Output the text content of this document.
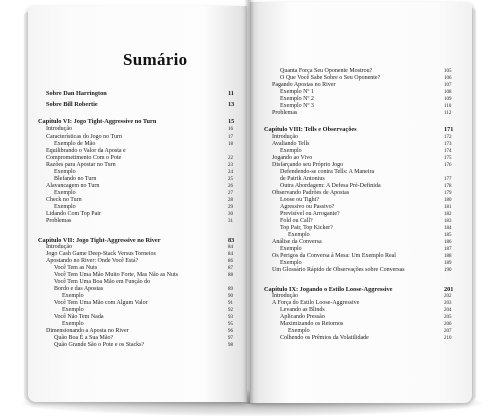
Sumário
Sobre Dan Harrington	11
Sobre Bill Robertie	13
Capítulo VI: Jogo Tight-Aggressive no Turn	15
Introdução	16
Características do Jogo no Turn	17
Exemplo de Mão	18
Equilibrando o Valor da Aposta e
Comprometimento Com o Pote	22
Razões para Apostar no Turn	23
Exemplo	24
Blefando no Turn	25
Alavancagem no Turn	26
Exemplo	27
Check no Turn	28
Exemplo	29
Lidando Com Top Pair	30
Problemas	31
Capítulo VII: Jogo Tight-Aggressive no River	83
Introdução	84
Jogo Cash Game Deep-Stack Versus Torneios	84
Apostando no River: Onde Você Está?	86
Você Tem as Nuts	87
Você Tem Uma Mão Muito Forte, Mas Não as Nuts	88
Você Tem Uma Boa Mão em Função do
Bordo e das Apostas	89
Exemplo	90
Você Tem Uma Mão com Algum Valor	91
Exemplo	92
Você Não Tem Nada	93
Exemplo	95
Dimensionando a Aposta no River	96
Quão Boa É a Sua Mão?	97
Quão Grande São o Pote e os Stacks?	98
Quanta Força Seu Oponente Mostrou?	105
O Que Você Sabe Sobre o Seu Oponente?	106
Pagando Apostas no River	107
Exemplo Nº 1	108
Exemplo Nº 2	109
Exemplo Nº 3	110
Problemas	112
Capítulo VIII: Tells e Observações	171
Introdução	172
Avaliando Tells	173
Exemplo	174
Jogando ao Vivo	175
Disfarçando seu Próprio Jogo	176
Defendendo-se contra Tells: A Maneira
de Patrik Antonius	177
Outra Abordagem: A Defesa Pré-Definida	178
Observando Padrões de Apostas	179
Loose ou Tight?	180
Agressivo ou Passivo?	181
Previsível ou Arrogante?	182
Fold ou Call?	183
Top Pair, Top Kicker?	184
Exemplo	185
Análise da Conversa	186
Exemplo	187
Os Perigos da Conversa à Mesa: Um Exemplo Real	188
Exemplo	189
Um Glossário Rápido de Observações sobre Conversas	190
Capítulo IX: Jogando o Estilo Loose-Aggressive	201
Introdução	202
A Força do Estilo Loose-Aggressive	203
Levando as Blinds	204
Aplicando Pressão	205
Maximizando os Retornos	206
Exemplo	207
Colhendo os Prêmios da Volatilidade	210
